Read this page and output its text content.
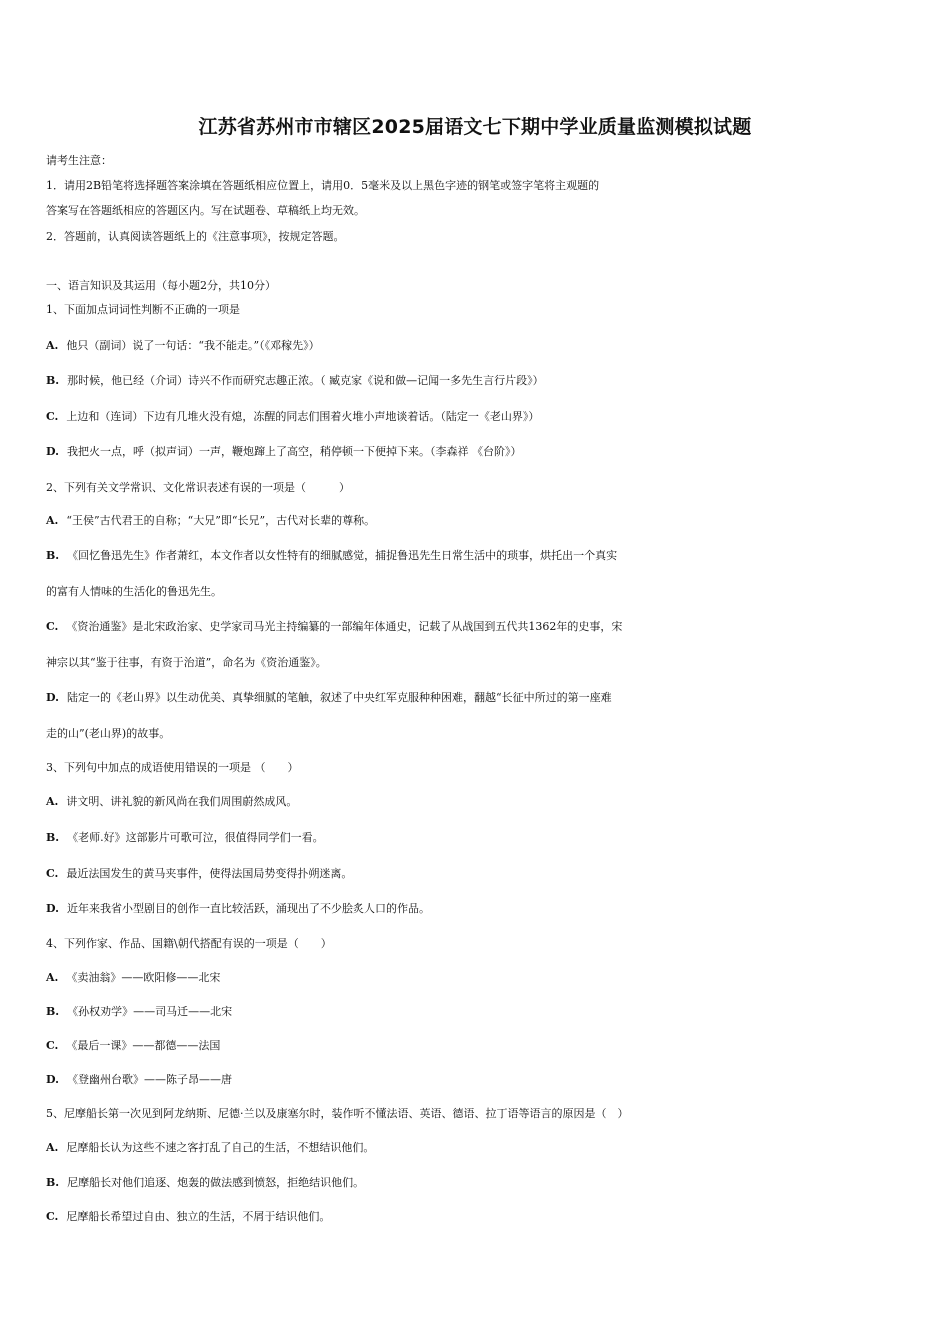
江苏省苏州市市辖区2025届语文七下期中学业质量监测模拟试题
请考生注意：
1．请用2B铅笔将选择题答案涂填在答题纸相应位置上，请用0．5毫米及以上黑色字迹的钢笔或签字笔将主观题的
答案写在答题纸相应的答题区内。写在试题卷、草稿纸上均无效。
2．答题前，认真阅读答题纸上的《注意事项》，按规定答题。
一、语言知识及其运用（每小题2分，共10分）
1、下面加点词词性判断不正确的一项是
A. 他只（副词）说了一句话：“我不能走。”（《邓稼先》）
B. 那时候，他已经（介词）诗兴不作而研究志趣正浓。（ 臧克家《说和做—记闻一多先生言行片段》）
C. 上边和（连词）下边有几堆火没有熄，冻醒的同志们围着火堆小声地谈着话。（陆定一《老山界》）
D. 我把火一点，呼（拟声词）一声，鞭炮蹿上了高空，稍停顿一下便掉下来。（李森祥 《台阶》）
2、下列有关文学常识、文化常识表述有误的一项是（　　　）
A. “王侯”古代君王的自称；“大兄”即“长兄”，古代对长辈的尊称。
B. 《回忆鲁迅先生》作者萧红，本文作者以女性特有的细腻感觉，捕捉鲁迅先生日常生活中的琐事，烘托出一个真实
的富有人情味的生活化的鲁迅先生。
C. 《资治通鉴》是北宋政治家、史学家司马光主持编纂的一部编年体通史，记载了从战国到五代共1362年的史事，宋
神宗以其“鉴于往事，有资于治道”，命名为《资治通鉴》。
D. 陆定一的《老山界》以生动优美、真挚细腻的笔触，叙述了中央红军克服种种困难，翻越“长征中所过的第一座难
走的山”(老山界)的故事。
3、下列句中加点的成语使用错误的一项是 （　　）
A. 讲文明、讲礼貌的新风尚在我们周围蔚然成风。
B. 《老师.好》这部影片可歌可泣，很值得同学们一看。
C. 最近法国发生的黄马夹事件，使得法国局势变得扑朔迷离。
D. 近年来我省小型剧目的创作一直比较活跃，涌现出了不少脍炙人口的作品。
4、下列作家、作品、国籍\朝代搭配有误的一项是（　　）
A. 《卖油翁》——欧阳修——北宋
B. 《孙权劝学》——司马迁——北宋
C. 《最后一课》——都德——法国
D. 《登幽州台歌》——陈子昂——唐
5、尼摩船长第一次见到阿龙纳斯、尼德·兰以及康塞尔时，装作听不懂法语、英语、德语、拉丁语等语言的原因是（　）
A. 尼摩船长认为这些不速之客打乱了自己的生活，不想结识他们。
B. 尼摩船长对他们追逐、炮轰的做法感到愤怒，拒绝结识他们。
C. 尼摩船长希望过自由、独立的生活，不屑于结识他们。
